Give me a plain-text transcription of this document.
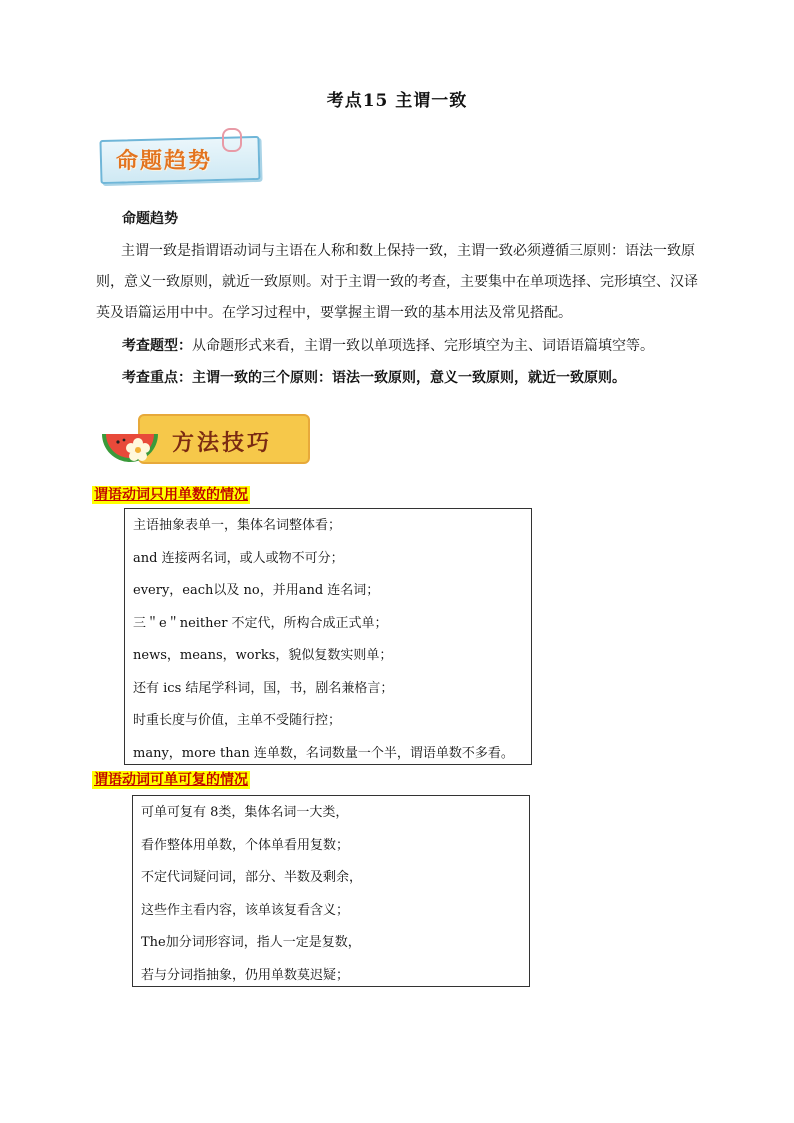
考点15 主谓一致
命题趋势
命题趋势
主谓一致是指谓语动词与主语在人称和数上保持一致，主谓一致必须遵循三原则：语法一致原
则，意义一致原则，就近一致原则。对于主谓一致的考查，主要集中在单项选择、完形填空、汉译
英及语篇运用中中。在学习过程中，要掌握主谓一致的基本用法及常见搭配。
考查题型：从命题形式来看，主谓一致以单项选择、完形填空为主、词语语篇填空等。
考查重点：主谓一致的三个原则：语法一致原则，意义一致原则，就近一致原则。
方法技巧
谓语动词只用单数的情况
主语抽象表单一，集体名词整体看；
and 连接两名词，或人或物不可分；
every，each以及 no，并用and 连名词；
三＂e＂neither 不定代，所构合成正式单；
news，means，works，貌似复数实则单；
还有 ics 结尾学科词，国，书，剧名兼格言；
时重长度与价值，主单不受随行控；
many，more than 连单数，名词数量一个半，谓语单数不多看。
谓语动词可单可复的情况
可单可复有 8类，集体名词一大类，
看作整体用单数，个体单看用复数；
不定代词疑问词，部分、半数及剩余，
这些作主看内容，该单该复看含义；
The加分词形容词，指人一定是复数，
若与分词指抽象，仍用单数莫迟疑；
